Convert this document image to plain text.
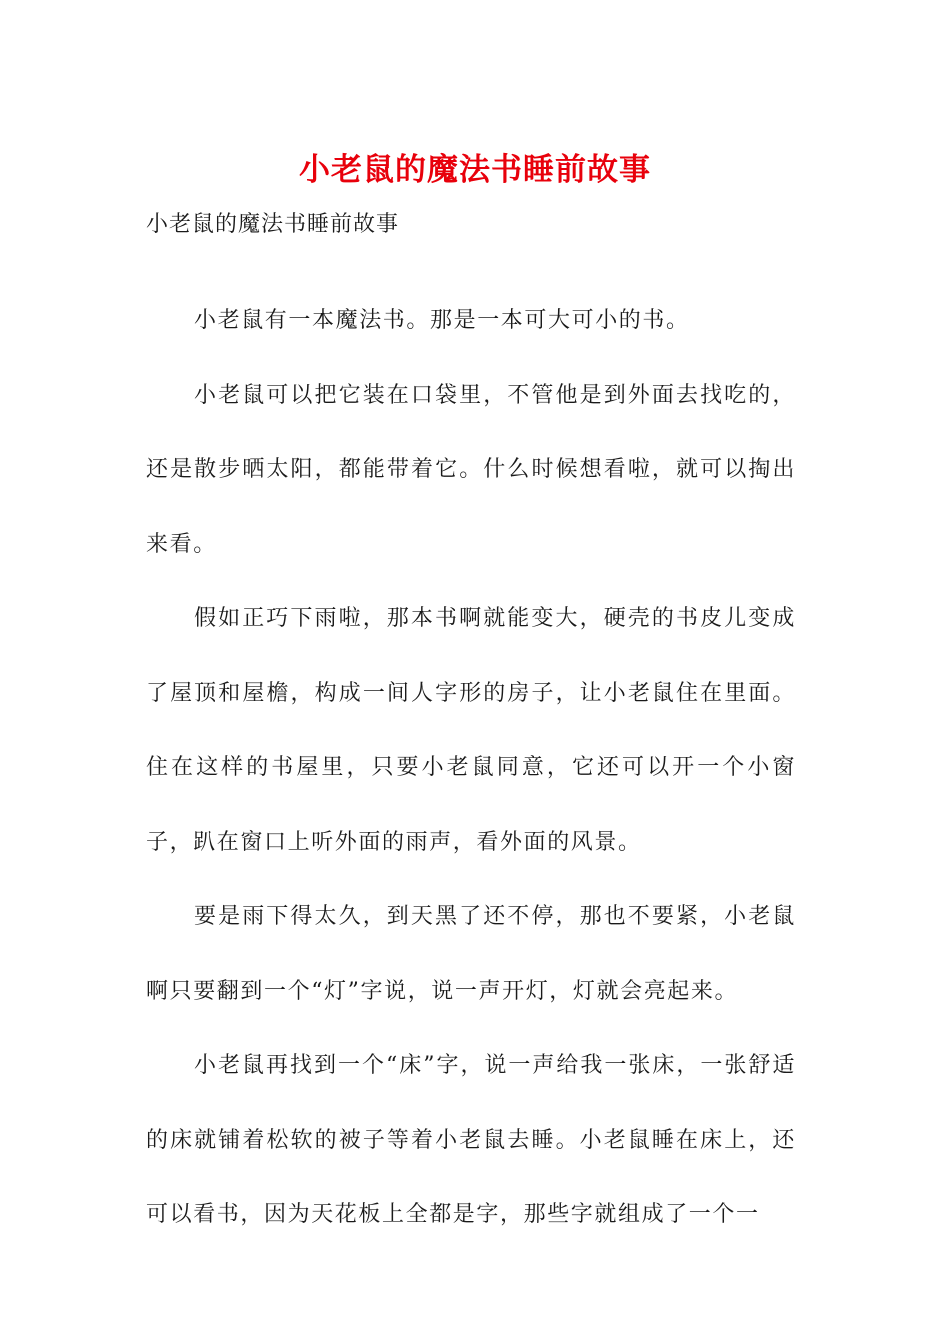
小老鼠的魔法书睡前故事

小老鼠的魔法书睡前故事

小老鼠有一本魔法书。那是一本可大可小的书。

小老鼠可以把它装在口袋里，不管他是到外面去找吃的，还是散步晒太阳，都能带着它。什么时候想看啦，就可以掏出来看。

假如正巧下雨啦，那本书啊就能变大，硬壳的书皮儿变成了屋顶和屋檐，构成一间人字形的房子，让小老鼠住在里面。住在这样的书屋里，只要小老鼠同意，它还可以开一个小窗子，趴在窗口上听外面的雨声，看外面的风景。

要是雨下得太久，到天黑了还不停，那也不要紧，小老鼠啊只要翻到一个“灯”字说，说一声开灯，灯就会亮起来。

小老鼠再找到一个“床”字，说一声给我一张床，一张舒适的床就铺着松软的被子等着小老鼠去睡。小老鼠睡在床上，还可以看书，因为天花板上全都是字，那些字就组成了一个一
